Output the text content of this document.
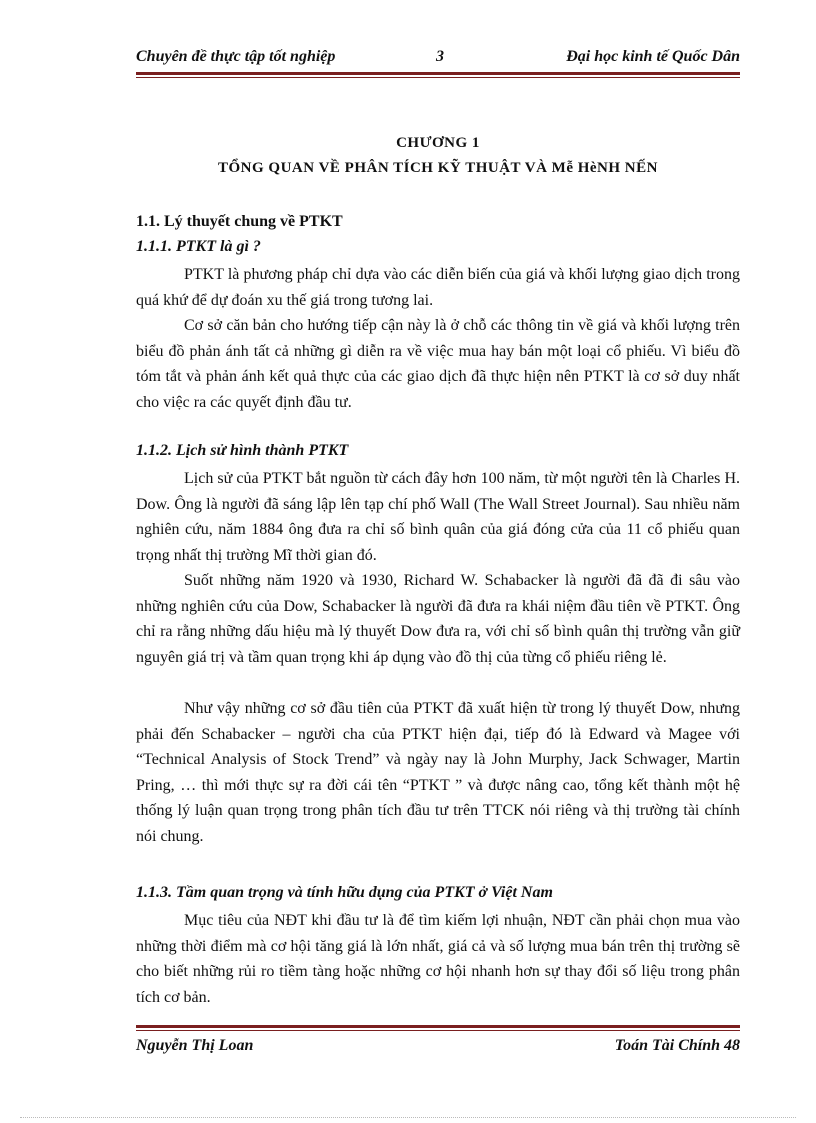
Chuyên đề thực tập tốt nghiệp	3	Đại học kinh tế Quốc Dân
CHƯƠNG 1
TỔNG QUAN VỀ PHÂN TÍCH KỸ THUẬT VÀ Mễ HèNH NẾN
1.1. Lý thuyết chung về PTKT
1.1.1. PTKT là gì ?

PTKT là phương pháp chỉ dựa vào các diễn biến của giá và khối lượng giao dịch trong quá khứ để dự đoán xu thế giá trong tương lai.

Cơ sở căn bản cho hướng tiếp cận này là ở chỗ các thông tin về giá và khối lượng trên biểu đồ phản ánh tất cả những gì diễn ra về việc mua hay bán một loại cổ phiếu. Vì biểu đồ tóm tắt và phản ánh kết quả thực của các giao dịch đã thực hiện nên PTKT là cơ sở duy nhất cho việc ra các quyết định đầu tư.

1.1.2. Lịch sử hình thành PTKT

Lịch sử của PTKT bắt nguồn từ cách đây hơn 100 năm, từ một người tên là Charles H. Dow. Ông là người đã sáng lập lên tạp chí phố Wall (The Wall Street Journal). Sau nhiều năm nghiên cứu, năm 1884 ông đưa ra chỉ số bình quân của giá đóng cửa của 11 cổ phiếu quan trọng nhất thị trường Mĩ thời gian đó.

Suốt những năm 1920 và 1930, Richard W. Schabacker là người đã đã đi sâu vào những nghiên cứu của Dow, Schabacker là người đã đưa ra khái niệm đầu tiên về PTKT. Ông chỉ ra rằng những dấu hiệu mà lý thuyết Dow đưa ra, với chỉ số bình quân thị trường vẫn giữ nguyên giá trị và tầm quan trọng khi áp dụng vào đồ thị của từng cổ phiếu riêng lẻ.

Như vậy những cơ sở đầu tiên của PTKT đã xuất hiện từ trong lý thuyết Dow, nhưng phải đến Schabacker – người cha của PTKT hiện đại, tiếp đó là Edward và Magee với “Technical Analysis of Stock Trend” và ngày nay là John Murphy, Jack Schwager, Martin Pring, … thì mới thực sự ra đời cái tên “PTKT ” và được nâng cao, tổng kết thành một hệ thống lý luận quan trọng trong phân tích đầu tư trên TTCK nói riêng và thị trường tài chính nói chung.

1.1.3. Tầm quan trọng và tính hữu dụng của PTKT ở Việt Nam

Mục tiêu của NĐT khi đầu tư là để tìm kiếm lợi nhuận, NĐT cần phải chọn mua vào những thời điểm mà cơ hội tăng giá là lớn nhất, giá cả và số lượng mua bán trên thị trường sẽ cho biết những rủi ro tiềm tàng hoặc những cơ hội nhanh hơn sự thay đổi số liệu trong phân tích cơ bản.

Nguyễn Thị Loan	Toán Tài Chính 48
